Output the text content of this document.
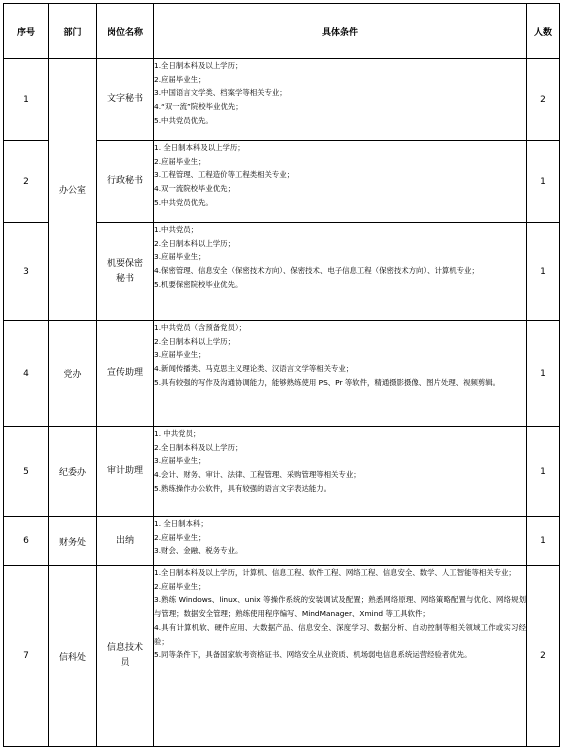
序号	部门	岗位名称	具体条件	人数
1	办公室	文字秘书	1.全日制本科及以上学历；
2.应届毕业生；
3.中国语言文学类、档案学等相关专业；
4.“双一流”院校毕业优先；
5.中共党员优先。	2
2		行政秘书	1. 全日制本科及以上学历；
2.应届毕业生；
3.工程管理、工程造价等工程类相关专业；
4.双一流院校毕业优先；
5.中共党员优先。	1
3		机要保密秘书	1.中共党员；
2.全日制本科以上学历；
3.应届毕业生；
4.保密管理、信息安全（保密技术方向）、保密技术、电子信息工程（保密技术方向）、计算机专业；
5.机要保密院校毕业优先。	1
4	党办	宣传助理	1.中共党员（含预备党员）；
2.全日制本科以上学历；
3.应届毕业生；
4.新闻传播类、马克思主义理论类、汉语言文学等相关专业；
5.具有较强的写作及沟通协调能力，能够熟练使用 PS、Pr 等软件，精通摄影摄像、图片处理、视频剪辑。	1
5	纪委办	审计助理	1. 中共党员；
2.全日制本科及以上学历；
3.应届毕业生；
4.会计、财务、审计、法律、工程管理、采购管理等相关专业；
5.熟练操作办公软件，具有较强的语言文字表达能力。	1
6	财务处	出纳	1. 全日制本科；
2.应届毕业生；
3.财会、金融、税务专业。	1
7	信科处	信息技术员	1.全日制本科及以上学历，计算机、信息工程、软件工程、网络工程、信息安全、数学、人工智能等相关专业；
2.应届毕业生；
3.熟练 Windows、linux、unix 等操作系统的安装调试及配置；熟悉网络原理、网络策略配置与优化、网络规划与管理；数据安全管理；熟练使用程序编写、MindManager、Xmind 等工具软件；
4.具有计算机软、硬件应用、大数据产品、信息安全、深度学习、数据分析、自动控制等相关领域工作或实习经验；
5.同等条件下，具备国家软考资格证书、网络安全从业资质、机场弱电信息系统运营经验者优先。	2
